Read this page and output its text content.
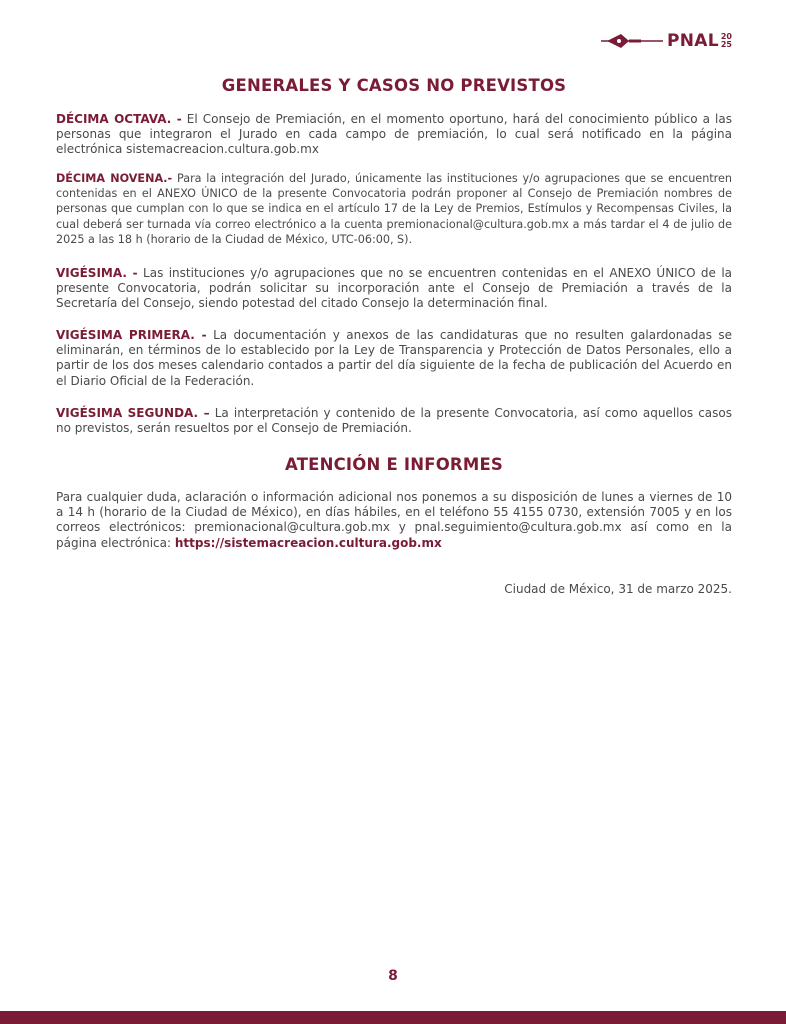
PNAL 20
25
GENERALES Y CASOS NO PREVISTOS

DÉCIMA OCTAVA. - El Consejo de Premiación, en el momento oportuno, hará del conocimiento público a las personas que integraron el Jurado en cada campo de premiación, lo cual será notificado en la página electrónica sistemacreacion.cultura.gob.mx

DÉCIMA NOVENA.- Para la integración del Jurado, únicamente las instituciones y/o agrupaciones que se encuentren contenidas en el ANEXO ÚNICO de la presente Convocatoria podrán proponer al Consejo de Premiación nombres de personas que cumplan con lo que se indica en el artículo 17 de la Ley de Premios, Estímulos y Recompensas Civiles, la cual deberá ser turnada vía correo electrónico a la cuenta premionacional@cultura.gob.mx a más tardar el 4 de julio de 2025 a las 18 h (horario de la Ciudad de México, UTC-06:00, S).

VIGÉSIMA. - Las instituciones y/o agrupaciones que no se encuentren contenidas en el ANEXO ÚNICO de la presente Convocatoria, podrán solicitar su incorporación ante el Consejo de Premiación a través de la Secretaría del Consejo, siendo potestad del citado Consejo la determinación final.

VIGÉSIMA PRIMERA. - La documentación y anexos de las candidaturas que no resulten galardonadas se eliminarán, en términos de lo establecido por la Ley de Transparencia y Protección de Datos Personales, ello a partir de los dos meses calendario contados a partir del día siguiente de la fecha de publicación del Acuerdo en el Diario Oficial de la Federación.

VIGÉSIMA SEGUNDA. – La interpretación y contenido de la presente Convocatoria, así como aquellos casos no previstos, serán resueltos por el Consejo de Premiación.

ATENCIÓN E INFORMES

Para cualquier duda, aclaración o información adicional nos ponemos a su disposición de lunes a viernes de 10 a 14 h (horario de la Ciudad de México), en días hábiles, en el teléfono 55 4155 0730, extensión 7005 y en los correos electrónicos: premionacional@cultura.gob.mx y pnal.seguimiento@cultura.gob.mx así como en la página electrónica: https://sistemacreacion.cultura.gob.mx

Ciudad de México, 31 de marzo 2025.
8
